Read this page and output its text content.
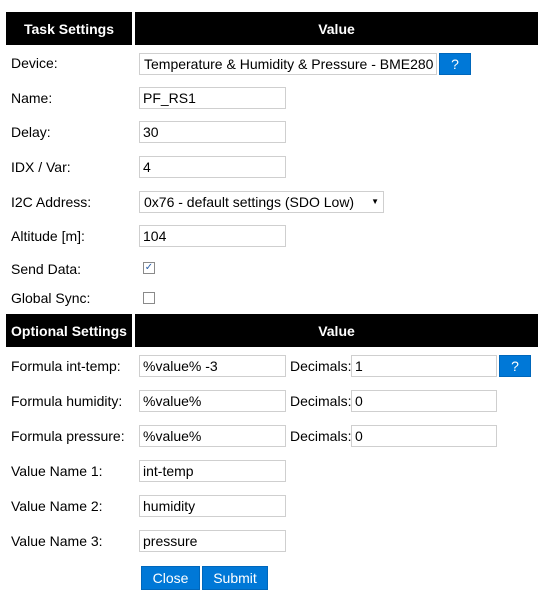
Task Settings	Value
Device:	Temperature & Humidity & Pressure - BME280 ?
Name:
PF_RS1
Delay:
30
IDX / Var:
4
I2C Address:	0x76 - default settings (SDO Low) ▼
Altitude [m]:
104
Send Data:	✓
Global Sync:
Optional Settings	Value
Formula int-temp:
%value% -3	Decimals:
1	?
Formula humidity:
%value%	Decimals:
0
Formula pressure:
%value%	Decimals:
0
Value Name 1:
int-temp
Value Name 2:
humidity
Value Name 3:
pressure
Close Submit
